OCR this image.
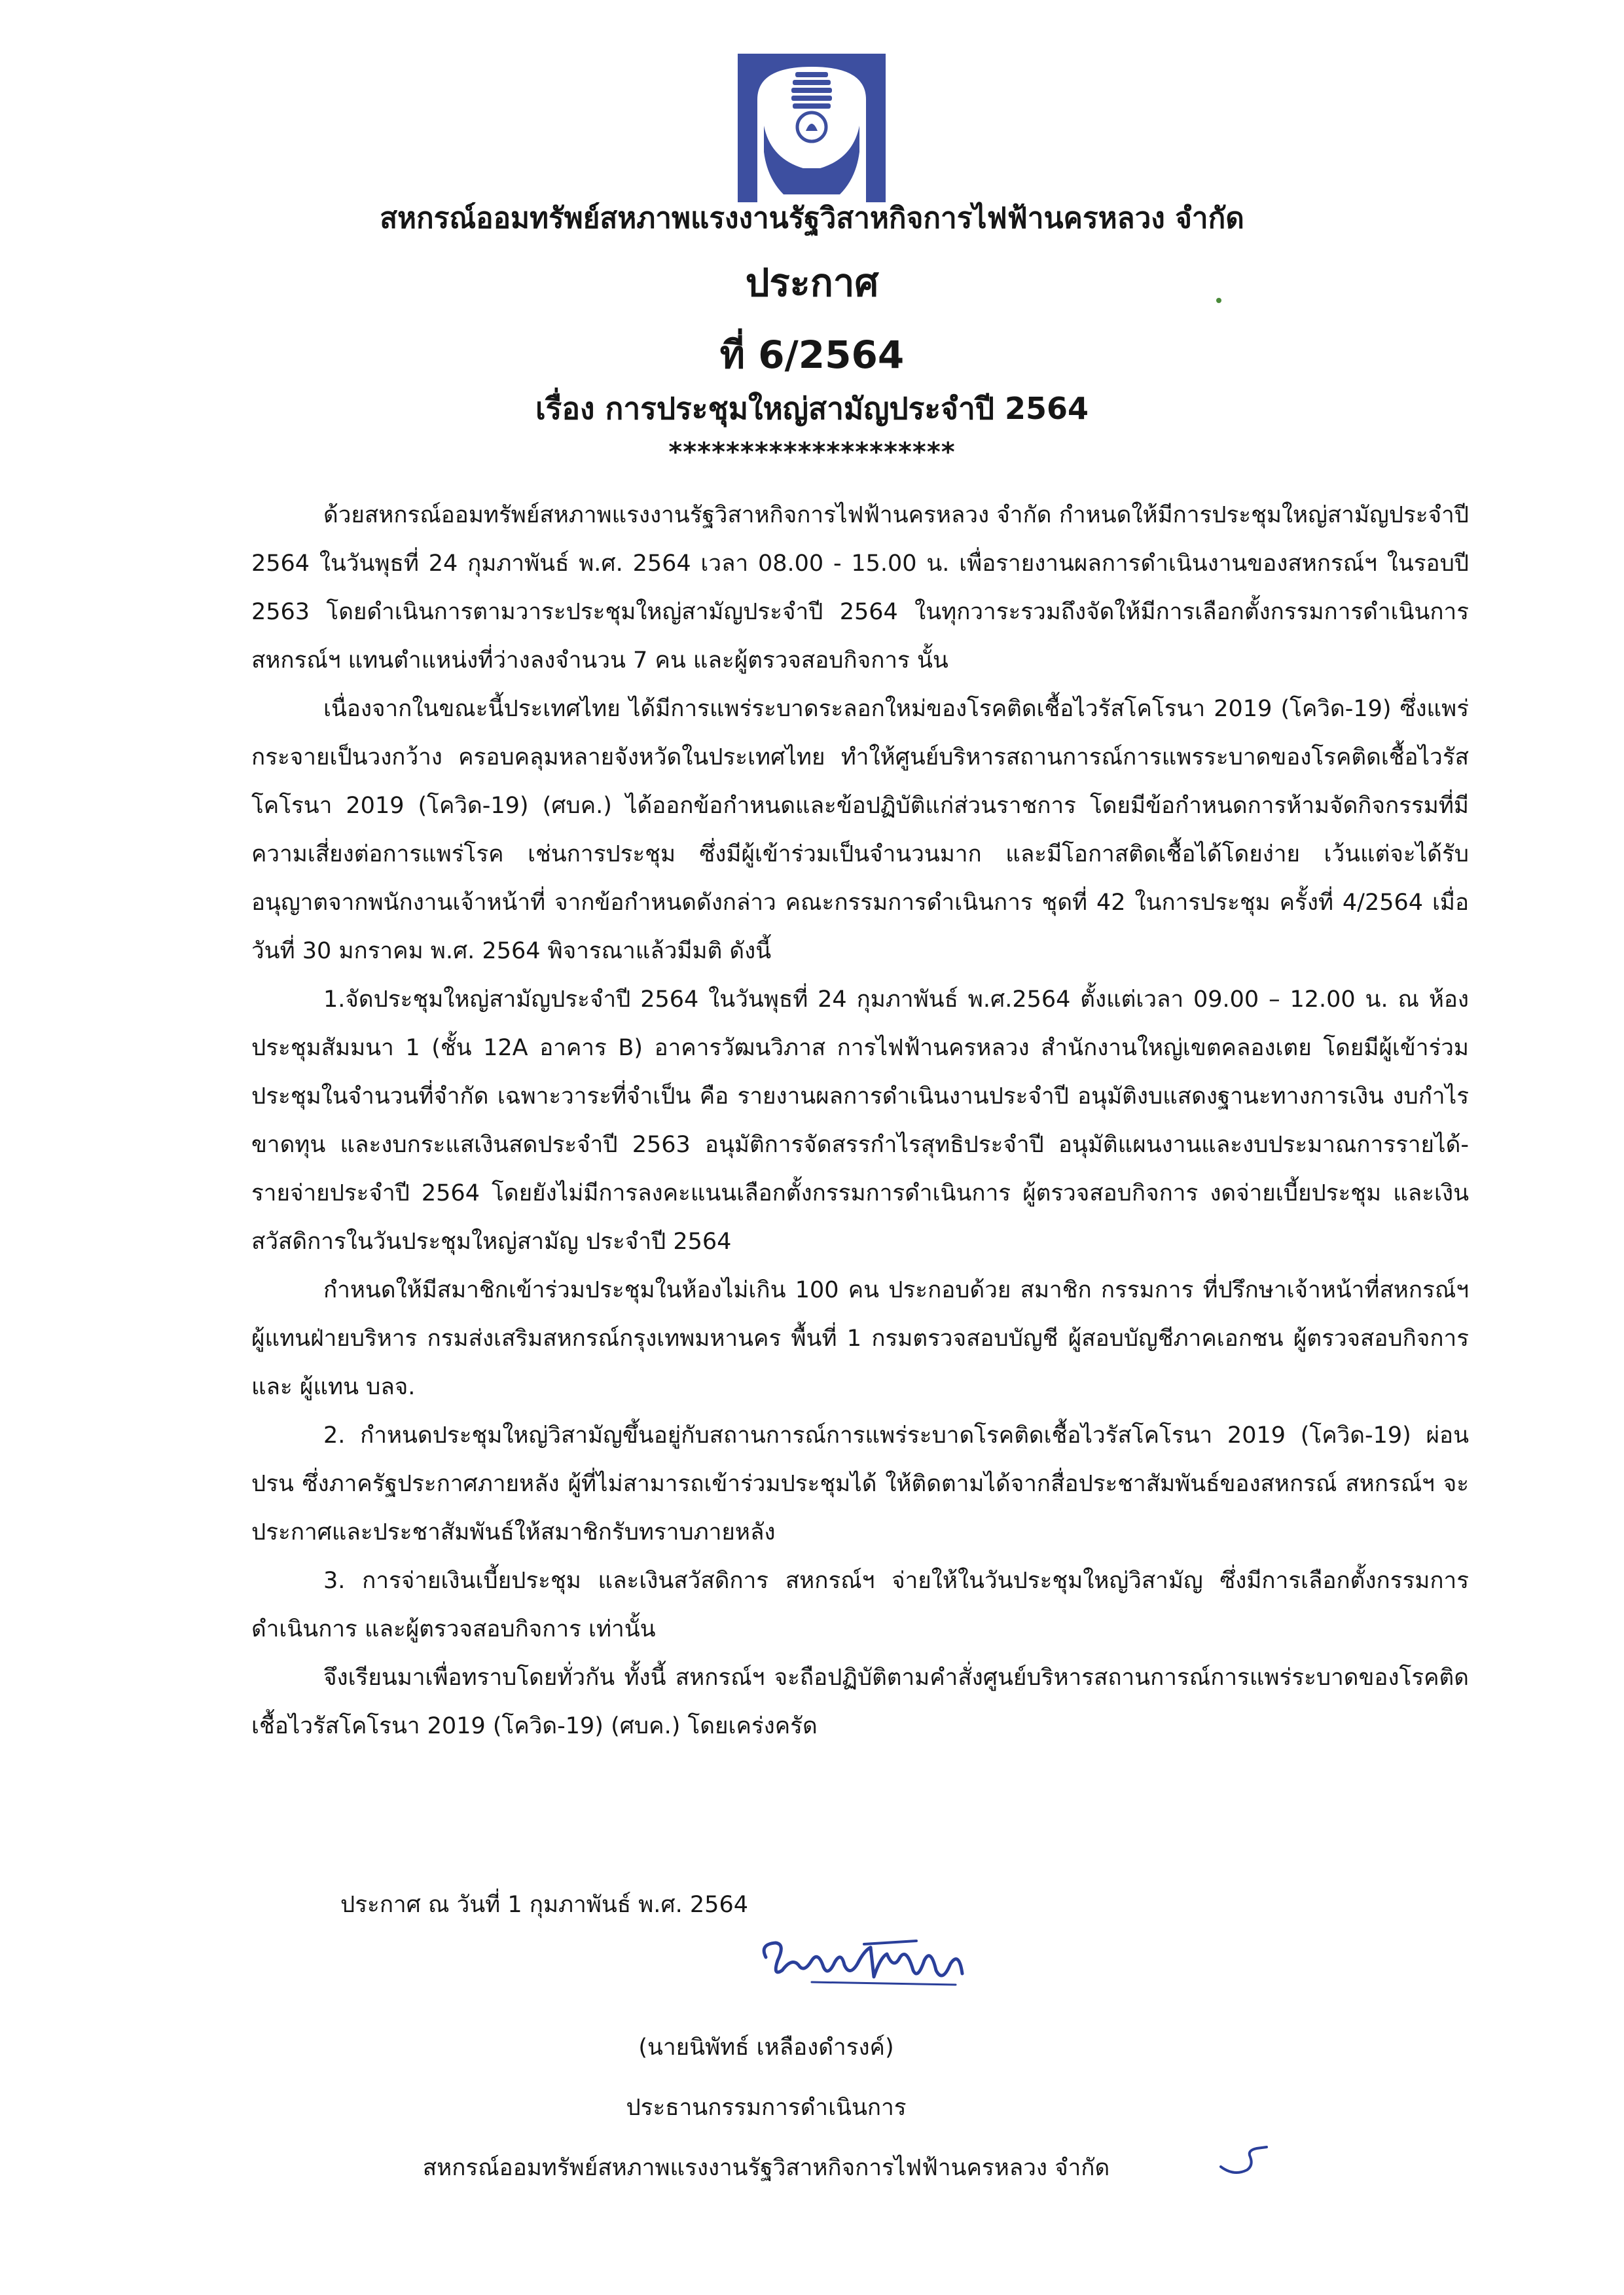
สหกรณ์ออมทรัพย์สหภาพแรงงานรัฐวิสาหกิจการไฟฟ้านครหลวง จำกัด
ประกาศ
ที่ 6/2564
เรื่อง การประชุมใหญ่สามัญประจำปี 2564
********************

ด้วยสหกรณ์ออมทรัพย์สหภาพแรงงานรัฐวิสาหกิจการไฟฟ้านครหลวง จำกัด กำหนดให้มีการประชุมใหญ่สามัญประจำปี 2564 ในวันพุธที่ 24 กุมภาพันธ์ พ.ศ. 2564 เวลา 08.00 - 15.00 น. เพื่อรายงานผลการดำเนินงานของสหกรณ์ฯ ในรอบปี 2563 โดยดำเนินการตามวาระประชุมใหญ่สามัญประจำปี 2564 ในทุกวาระรวมถึงจัดให้มีการเลือกตั้งกรรมการดำเนินการสหกรณ์ฯ แทนตำแหน่งที่ว่างลงจำนวน 7 คน และผู้ตรวจสอบกิจการ นั้น

เนื่องจากในขณะนี้ประเทศไทย ได้มีการแพร่ระบาดระลอกใหม่ของโรคติดเชื้อไวรัสโคโรนา 2019 (โควิด-19) ซึ่งแพร่กระจายเป็นวงกว้าง ครอบคลุมหลายจังหวัดในประเทศไทย ทำให้ศูนย์บริหารสถานการณ์การแพรระบาดของโรคติดเชื้อไวรัสโคโรนา 2019 (โควิด-19) (ศบค.) ได้ออกข้อกำหนดและข้อปฏิบัติแก่ส่วนราชการ โดยมีข้อกำหนดการห้ามจัดกิจกรรมที่มีความเสี่ยงต่อการแพร่โรค เช่นการประชุม ซึ่งมีผู้เข้าร่วมเป็นจำนวนมาก และมีโอกาสติดเชื้อได้โดยง่าย เว้นแต่จะได้รับอนุญาตจากพนักงานเจ้าหน้าที่ จากข้อกำหนดดังกล่าว คณะกรรมการดำเนินการ ชุดที่ 42 ในการประชุม ครั้งที่ 4/2564 เมื่อวันที่ 30 มกราคม พ.ศ. 2564 พิจารณาแล้วมีมติ ดังนี้

1.จัดประชุมใหญ่สามัญประจำปี 2564 ในวันพุธที่ 24 กุมภาพันธ์ พ.ศ.2564 ตั้งแต่เวลา 09.00 – 12.00 น. ณ ห้องประชุมสัมมนา 1 (ชั้น 12A อาคาร B) อาคารวัฒนวิภาส การไฟฟ้านครหลวง สำนักงานใหญ่เขตคลองเตย โดยมีผู้เข้าร่วมประชุมในจำนวนที่จำกัด เฉพาะวาระที่จำเป็น คือ รายงานผลการดำเนินงานประจำปี อนุมัติงบแสดงฐานะทางการเงิน งบกำไรขาดทุน และงบกระแสเงินสดประจำปี 2563 อนุมัติการจัดสรรกำไรสุทธิประจำปี อนุมัติแผนงานและงบประมาณการรายได้-รายจ่ายประจำปี 2564 โดยยังไม่มีการลงคะแนนเลือกตั้งกรรมการดำเนินการ ผู้ตรวจสอบกิจการ งดจ่ายเบี้ยประชุม และเงินสวัสดิการในวันประชุมใหญ่สามัญ ประจำปี 2564

กำหนดให้มีสมาชิกเข้าร่วมประชุมในห้องไม่เกิน 100 คน ประกอบด้วย สมาชิก กรรมการ ที่ปรึกษาเจ้าหน้าที่สหกรณ์ฯ ผู้แทนฝ่ายบริหาร กรมส่งเสริมสหกรณ์กรุงเทพมหานคร พื้นที่ 1 กรมตรวจสอบบัญชี ผู้สอบบัญชีภาคเอกชน ผู้ตรวจสอบกิจการ และ ผู้แทน บลจ.

2. กำหนดประชุมใหญ่วิสามัญขึ้นอยู่กับสถานการณ์การแพร่ระบาดโรคติดเชื้อไวรัสโคโรนา 2019 (โควิด-19) ผ่อนปรน ซึ่งภาครัฐประกาศภายหลัง ผู้ที่ไม่สามารถเข้าร่วมประชุมได้ ให้ติดตามได้จากสื่อประชาสัมพันธ์ของสหกรณ์ สหกรณ์ฯ จะประกาศและประชาสัมพันธ์ให้สมาชิกรับทราบภายหลัง

3. การจ่ายเงินเบี้ยประชุม และเงินสวัสดิการ สหกรณ์ฯ จ่ายให้ในวันประชุมใหญ่วิสามัญ ซึ่งมีการเลือกตั้งกรรมการดำเนินการ และผู้ตรวจสอบกิจการ เท่านั้น

จึงเรียนมาเพื่อทราบโดยทั่วกัน ทั้งนี้ สหกรณ์ฯ จะถือปฏิบัติตามคำสั่งศูนย์บริหารสถานการณ์การแพร่ระบาดของโรคติดเชื้อไวรัสโคโรนา 2019 (โควิด-19) (ศบค.) โดยเคร่งครัด

ประกาศ ณ วันที่ 1 กุมภาพันธ์ พ.ศ. 2564
(นายนิพัทธ์ เหลืองดำรงค์)
ประธานกรรมการดำเนินการ
สหกรณ์ออมทรัพย์สหภาพแรงงานรัฐวิสาหกิจการไฟฟ้านครหลวง จำกัด
